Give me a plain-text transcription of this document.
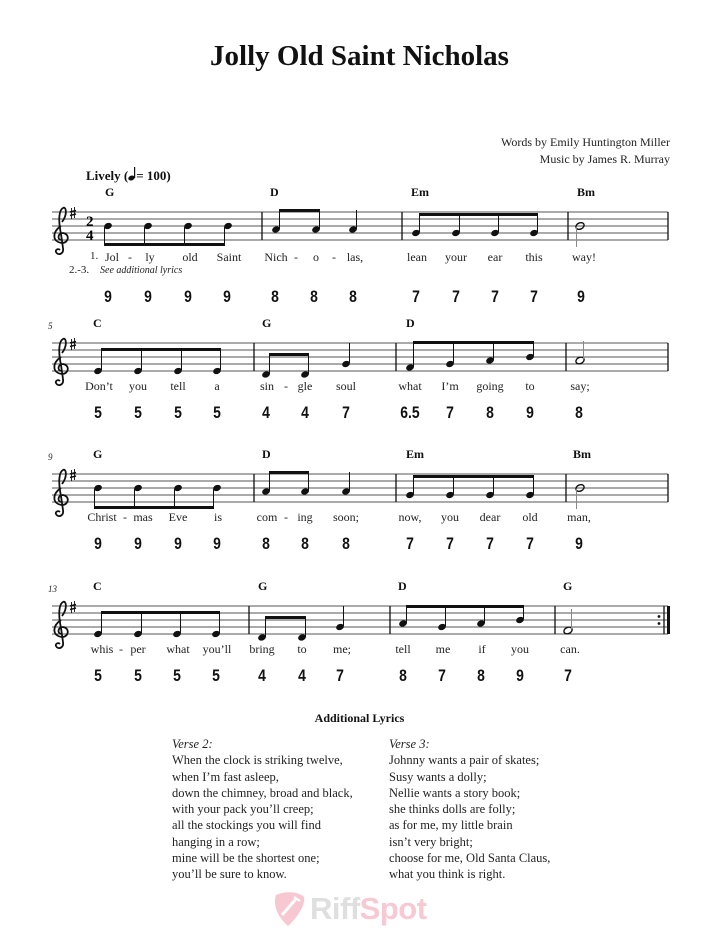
Jolly Old Saint Nicholas
Words by Emily Huntington Miller
Music by James R. Murray
Lively ( = 100)
2
4
G	D	Em	Bm
1.
2.-3. See additional lyrics
Jol - ly old Saint Nich - o - las,	lean your ear this way!
9 9 9 9 8 8 8	7 7 7 7 9
5	C	G	D
Don’t you tell a	sin - gle soul	what I’m going to	say;
5 5 5 5 4 4 7	6.5 7 8 9 8
9	G	D	Em	Bm
Christ - mas Eve is	com - ing soon;	now, you dear old man,
9 9 9 9 8 8 8	7 7 7 7 9
13	C	G	D	G
whis - per what you’ll bring to me;	tell me if you	can.
5 5 5 5 4 4 7	8 7 8 9 7
Additional Lyrics
Verse 2:
When the clock is striking twelve,
when I’m fast asleep,
down the chimney, broad and black,
with your pack you’ll creep;
all the stockings you will find
hanging in a row;
mine will be the shortest one;
you’ll be sure to know.
Verse 3:
Johnny wants a pair of skates;
Susy wants a dolly;
Nellie wants a story book;
she thinks dolls are folly;
as for me, my little brain
isn’t very bright;
choose for me, Old Santa Claus,
what you think is right.
RiffSpot
